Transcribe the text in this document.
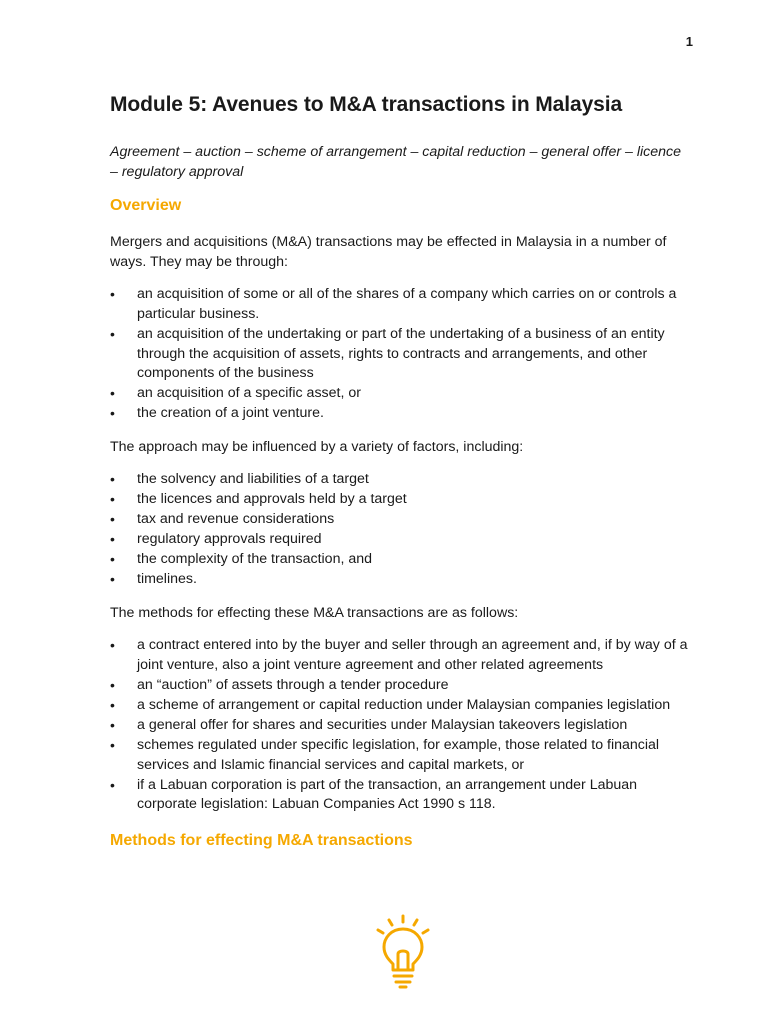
1
Module 5: Avenues to M&A transactions in Malaysia

Agreement – auction – scheme of arrangement – capital reduction – general offer – licence – regulatory approval

Overview

Mergers and acquisitions (M&A) transactions may be effected in Malaysia in a number of ways. They may be through:

• an acquisition of some or all of the shares of a company which carries on or controls a particular business.
• an acquisition of the undertaking or part of the undertaking of a business of an entity through the acquisition of assets, rights to contracts and arrangements, and other components of the business
• an acquisition of a specific asset, or
• the creation of a joint venture.

The approach may be influenced by a variety of factors, including:

• the solvency and liabilities of a target
• the licences and approvals held by a target
• tax and revenue considerations
• regulatory approvals required
• the complexity of the transaction, and
• timelines.

The methods for effecting these M&A transactions are as follows:

• a contract entered into by the buyer and seller through an agreement and, if by way of a joint venture, also a joint venture agreement and other related agreements
• an “auction” of assets through a tender procedure
• a scheme of arrangement or capital reduction under Malaysian companies legislation
• a general offer for shares and securities under Malaysian takeovers legislation
• schemes regulated under specific legislation, for example, those related to financial services and Islamic financial services and capital markets, or
• if a Labuan corporation is part of the transaction, an arrangement under Labuan corporate legislation: Labuan Companies Act 1990 s 118.
Methods for effecting M&A transactions
